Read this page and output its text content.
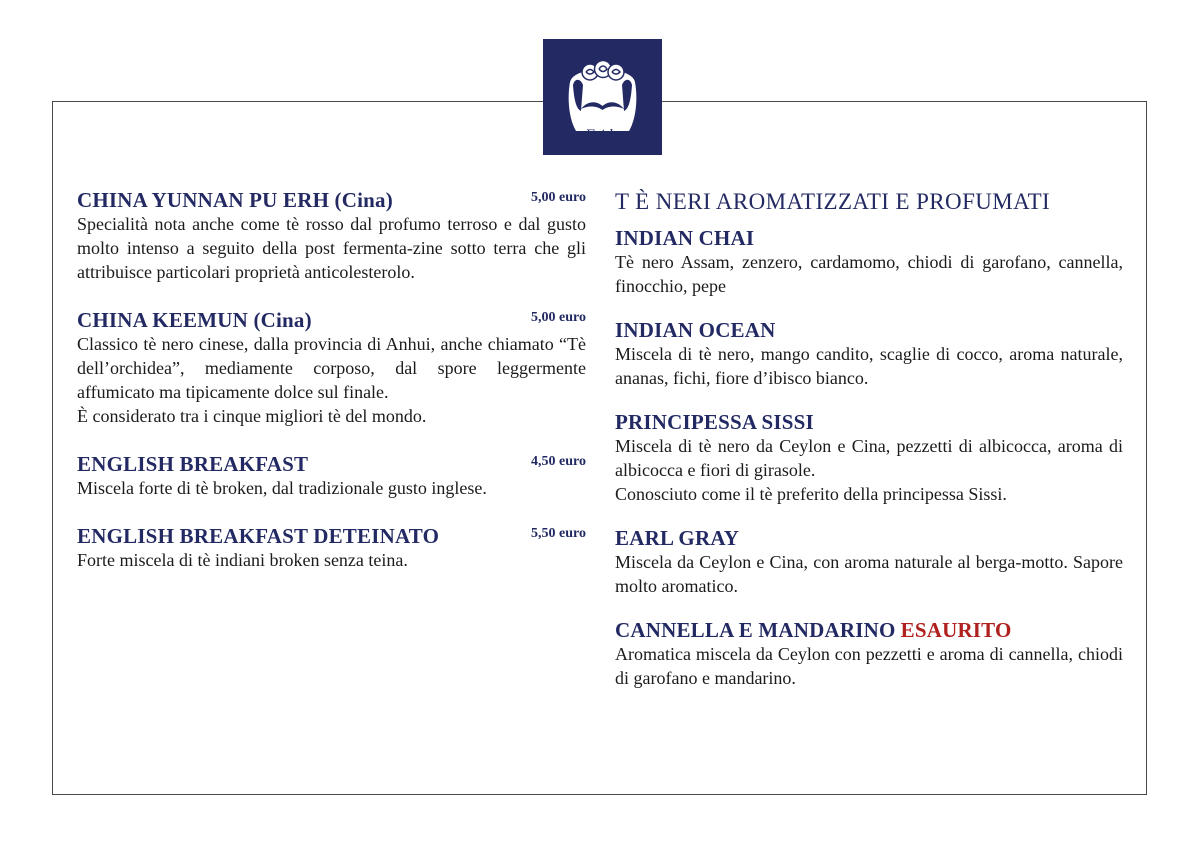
Frida
CHINA YUNNAN PU ERH (Cina)	5,00 euro

Specialità nota anche come tè rosso dal profumo terroso e dal gusto molto intenso a seguito della post fermenta-zine sotto terra che gli attribuisce particolari proprietà anticolesterolo.

CHINA KEEMUN (Cina)	5,00 euro

Classico tè nero cinese, dalla provincia di Anhui, anche chiamato “Tè dell’orchidea”, mediamente corposo, dal spore leggermente affumicato ma tipicamente dolce sul finale.
È considerato tra i cinque migliori tè del mondo.

ENGLISH BREAKFAST	4,50 euro

Miscela forte di tè broken, dal tradizionale gusto inglese.

ENGLISH BREAKFAST DETEINATO	5,50 euro

Forte miscela di tè indiani broken senza teina.

T È NERI AROMATIZZATI E PROFUMATI
INDIAN CHAI

Tè nero Assam, zenzero, cardamomo, chiodi di garofano, cannella, finocchio, pepe

INDIAN OCEAN

Miscela di tè nero, mango candito, scaglie di cocco, aroma naturale, ananas, fichi, fiore d’ibisco bianco.

PRINCIPESSA SISSI

Miscela di tè nero da Ceylon e Cina, pezzetti di albicocca, aroma di albicocca e fiori di girasole.
Conosciuto come il tè preferito della principessa Sissi.

EARL GRAY

Miscela da Ceylon e Cina, con aroma naturale al berga-motto. Sapore molto aromatico.

CANNELLA E MANDARINO ESAURITO

Aromatica miscela da Ceylon con pezzetti e aroma di cannella, chiodi di garofano e mandarino.
